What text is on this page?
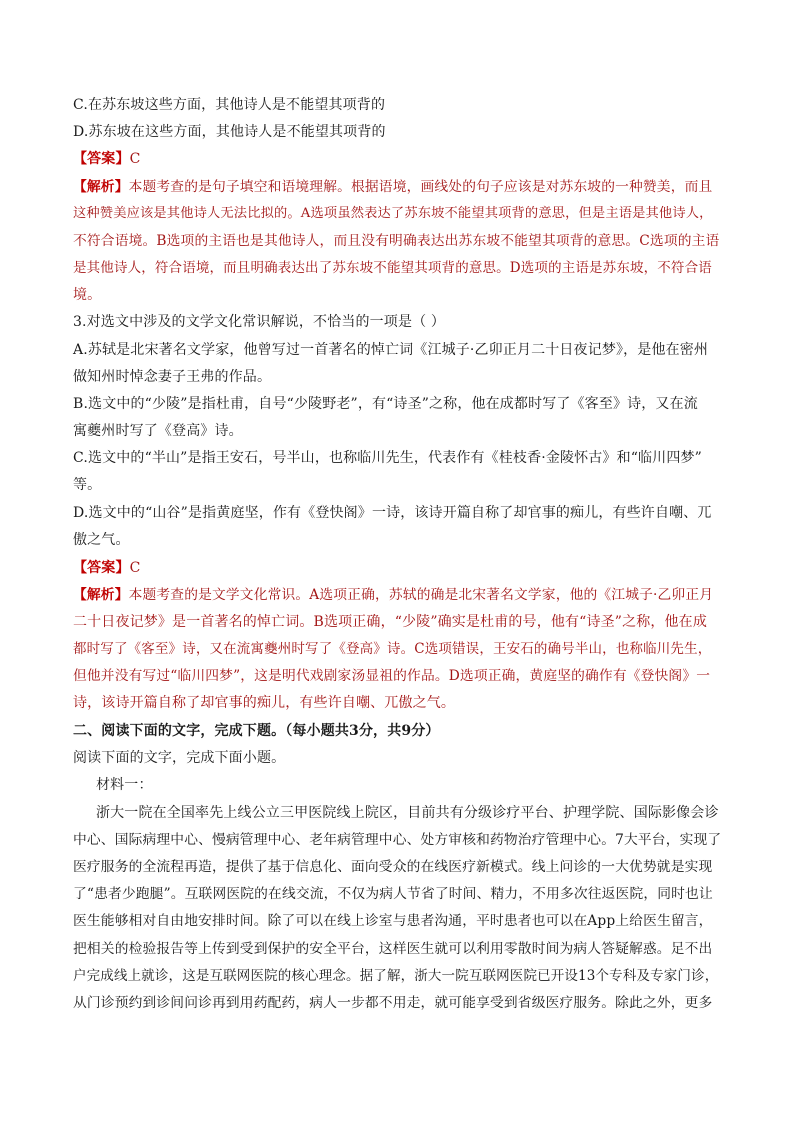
C.在苏东坡这些方面，其他诗人是不能望其项背的
D.苏东坡在这些方面，其他诗人是不能望其项背的
【答案】C
【解析】本题考查的是句子填空和语境理解。根据语境，画线处的句子应该是对苏东坡的一种赞美，而且
这种赞美应该是其他诗人无法比拟的。A选项虽然表达了苏东坡不能望其项背的意思，但是主语是其他诗人，
不符合语境。B选项的主语也是其他诗人，而且没有明确表达出苏东坡不能望其项背的意思。C选项的主语
是其他诗人，符合语境，而且明确表达出了苏东坡不能望其项背的意思。D选项的主语是苏东坡，不符合语
境。
3.对选文中涉及的文学文化常识解说，不恰当的一项是（ ）
A.苏轼是北宋著名文学家，他曾写过一首著名的悼亡词《江城子·乙卯正月二十日夜记梦》，是他在密州
做知州时悼念妻子王弗的作品。
B.选文中的“少陵”是指杜甫，自号“少陵野老”，有“诗圣”之称，他在成都时写了《客至》诗，又在流
寓夔州时写了《登高》诗。
C.选文中的“半山”是指王安石，号半山，也称临川先生，代表作有《桂枝香·金陵怀古》和“临川四梦”
等。
D.选文中的“山谷”是指黄庭坚，作有《登快阁》一诗，该诗开篇自称了却官事的痴儿，有些许自嘲、兀
傲之气。
【答案】C
【解析】本题考查的是文学文化常识。A选项正确，苏轼的确是北宋著名文学家，他的《江城子·乙卯正月
二十日夜记梦》是一首著名的悼亡词。B选项正确，“少陵”确实是杜甫的号，他有“诗圣”之称，他在成
都时写了《客至》诗，又在流寓夔州时写了《登高》诗。C选项错误，王安石的确号半山，也称临川先生，
但他并没有写过“临川四梦”，这是明代戏剧家汤显祖的作品。D选项正确，黄庭坚的确作有《登快阁》一
诗，该诗开篇自称了却官事的痴儿，有些许自嘲、兀傲之气。
二、阅读下面的文字，完成下题。（每小题共3分，共9分）
阅读下面的文字，完成下面小题。
材料一：
浙大一院在全国率先上线公立三甲医院线上院区，目前共有分级诊疗平台、护理学院、国际影像会诊
中心、国际病理中心、慢病管理中心、老年病管理中心、处方审核和药物治疗管理中心。7大平台，实现了
医疗服务的全流程再造，提供了基于信息化、面向受众的在线医疗新模式。线上问诊的一大优势就是实现
了“患者少跑腿”。互联网医院的在线交流，不仅为病人节省了时间、精力，不用多次往返医院，同时也让
医生能够相对自由地安排时间。除了可以在线上诊室与患者沟通，平时患者也可以在App上给医生留言，
把相关的检验报告等上传到受到保护的安全平台，这样医生就可以利用零散时间为病人答疑解惑。足不出
户完成线上就诊，这是互联网医院的核心理念。据了解，浙大一院互联网医院已开设13个专科及专家门诊，
从门诊预约到诊间问诊再到用药配药，病人一步都不用走，就可能享受到省级医疗服务。除此之外，更多
